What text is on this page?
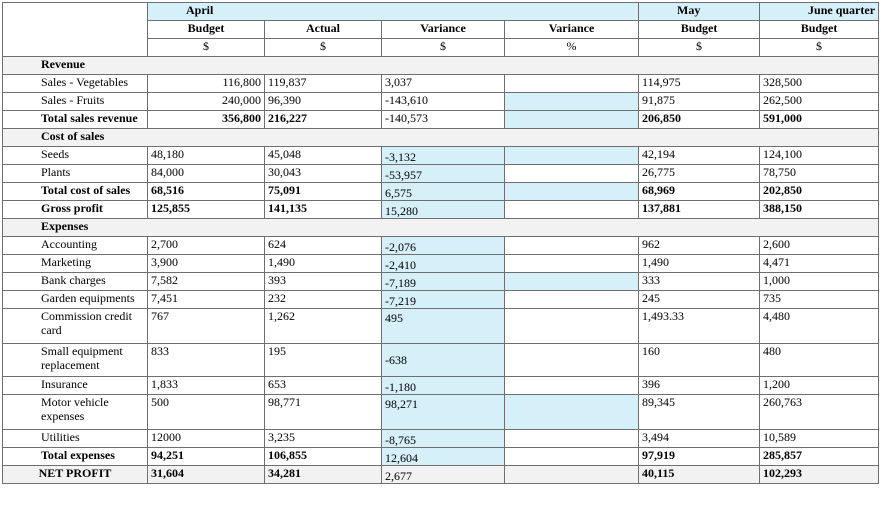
	April				May	June quarter
	Budget	Actual	Variance	Variance	Budget	Budget
	$	$	$	%	$	$
Revenue						
Sales - Vegetables	116,800	119,837	3,037		114,975	328,500
Sales - Fruits	240,000	96,390	-143,610		91,875	262,500
Total sales revenue	356,800	216,227	-140,573		206,850	591,000
Cost of sales						
Seeds	48,180	45,048	-3,132		42,194	124,100
Plants	84,000	30,043	-53,957		26,775	78,750
Total cost of sales	68,516	75,091	6,575		68,969	202,850
Gross profit	125,855	141,135	15,280		137,881	388,150
Expenses						
Accounting	2,700	624	-2,076		962	2,600
Marketing	3,900	1,490	-2,410		1,490	4,471
Bank charges	7,582	393	-7,189		333	1,000
Garden equipments	7,451	232	-7,219		245	735
Commission credit card	767	1,262	495		1,493.33	4,480
Small equipment replacement	833	195	-638		160	480
Insurance	1,833	653	-1,180		396	1,200
Motor vehicle expenses	500	98,771	98,271		89,345	260,763
Utilities	12000	3,235	-8,765		3,494	10,589
Total expenses	94,251	106,855	12,604		97,919	285,857
NET PROFIT	31,604	34,281	2,677		40,115	102,293
